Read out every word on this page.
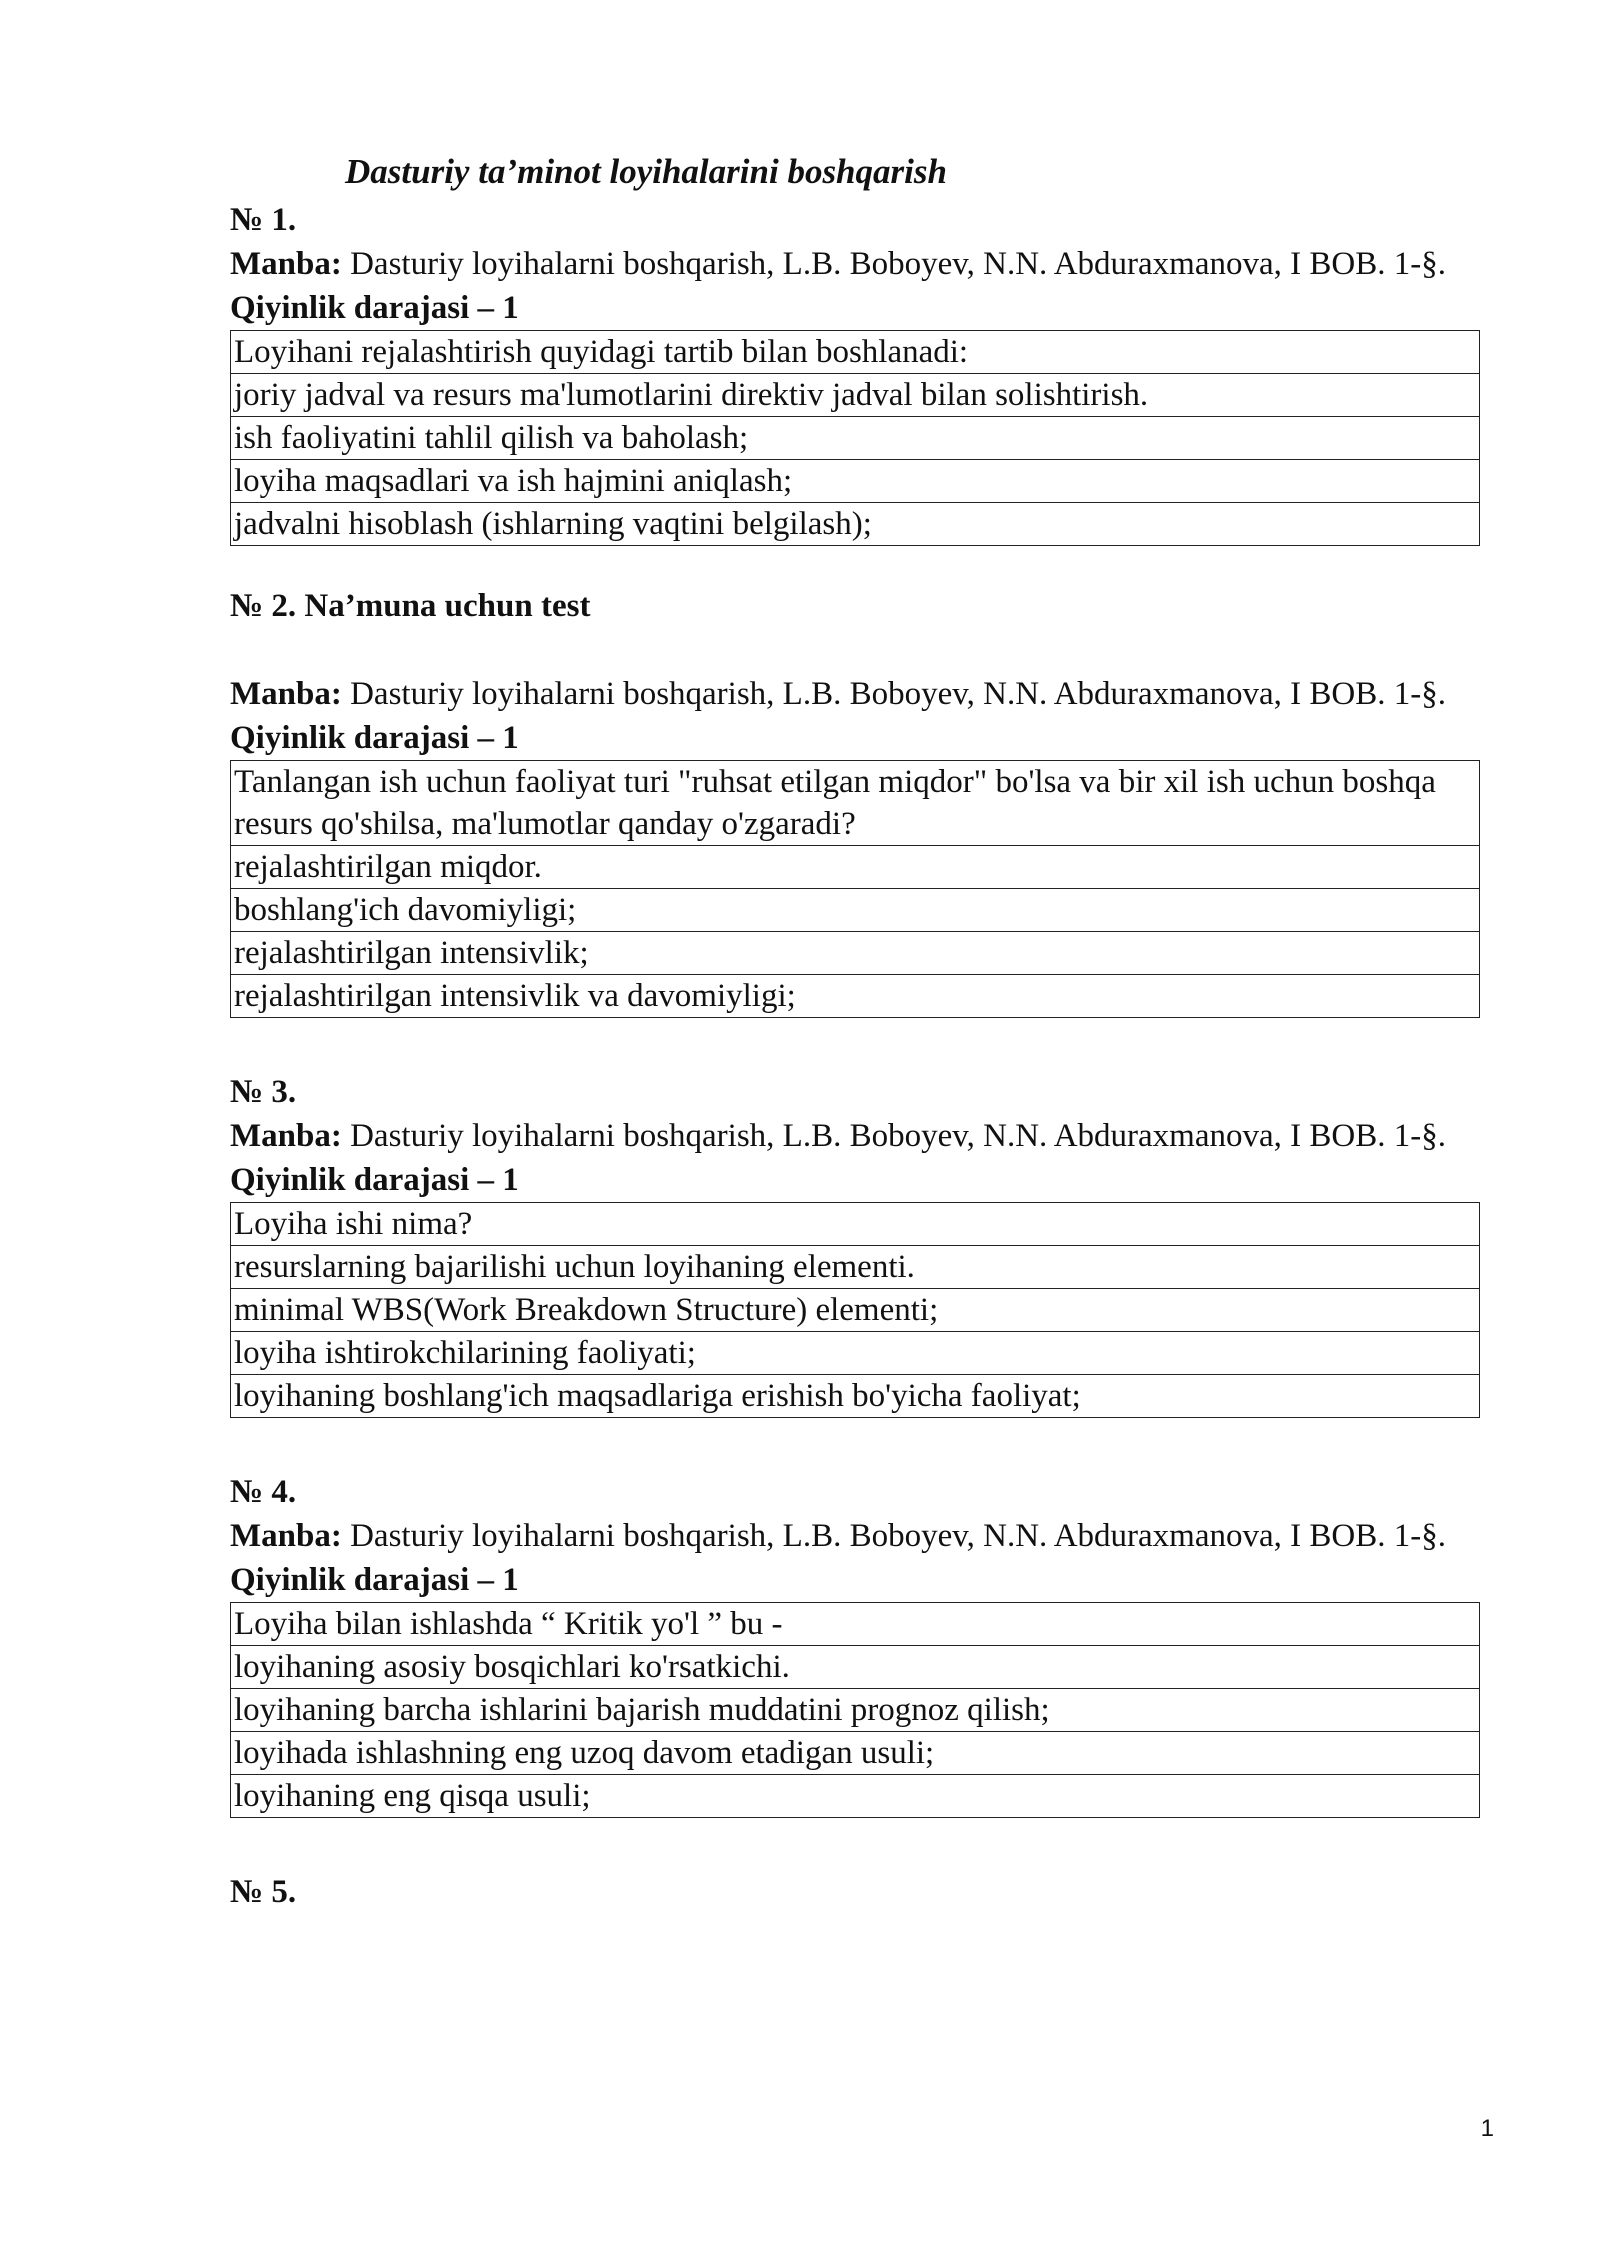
Dasturiy ta’minot loyihalarini boshqarish
№ 1.
Manba: Dasturiy loyihalarni boshqarish, L.B. Boboyev, N.N. Abduraxmanova, I BOB. 1-§.
Qiyinlik darajasi – 1
Loyihani rejalashtirish quyidagi tartib bilan boshlanadi:
joriy jadval va resurs ma'lumotlarini direktiv jadval bilan solishtirish.
ish faoliyatini tahlil qilish va baholash;
loyiha maqsadlari va ish hajmini aniqlash;
jadvalni hisoblash (ishlarning vaqtini belgilash);
№ 2. Na’muna uchun test
Manba: Dasturiy loyihalarni boshqarish, L.B. Boboyev, N.N. Abduraxmanova, I BOB. 1-§.
Qiyinlik darajasi – 1
Tanlangan ish uchun faoliyat turi "ruhsat etilgan miqdor" bo'lsa va bir xil ish uchun boshqa resurs qo'shilsa, ma'lumotlar qanday o'zgaradi?
rejalashtirilgan miqdor.
boshlang'ich davomiyligi;
rejalashtirilgan intensivlik;
rejalashtirilgan intensivlik va davomiyligi;
№ 3.
Manba: Dasturiy loyihalarni boshqarish, L.B. Boboyev, N.N. Abduraxmanova, I BOB. 1-§.
Qiyinlik darajasi – 1
Loyiha ishi nima?
resurslarning bajarilishi uchun loyihaning elementi.
minimal WBS(Work Breakdown Structure) elementi;
loyiha ishtirokchilarining faoliyati;
loyihaning boshlang'ich maqsadlariga erishish bo'yicha faoliyat;
№ 4.
Manba: Dasturiy loyihalarni boshqarish, L.B. Boboyev, N.N. Abduraxmanova, I BOB. 1-§.
Qiyinlik darajasi – 1
Loyiha bilan ishlashda “ Kritik yo'l ” bu -
loyihaning asosiy bosqichlari ko'rsatkichi.
loyihaning barcha ishlarini bajarish muddatini prognoz qilish;
loyihada ishlashning eng uzoq davom etadigan usuli;
loyihaning eng qisqa usuli;
№ 5.
1
